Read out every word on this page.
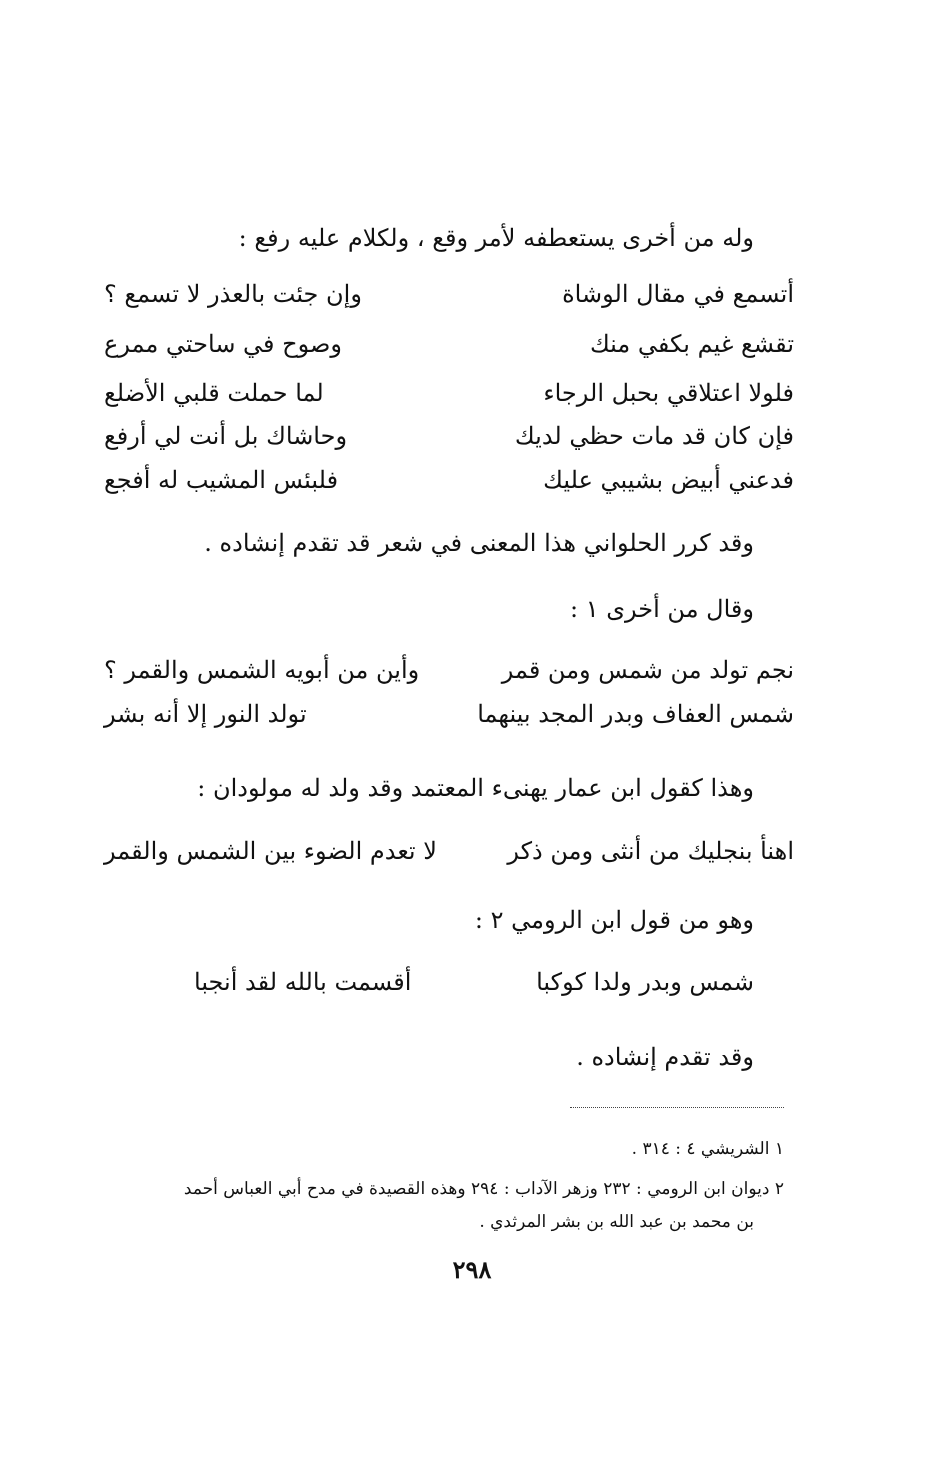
وله من أخرى يستعطفه لأمر وقع ، ولكلام عليه رفع :
أتسمع في مقال الوشاة
وإن جئت بالعذر لا تسمع ؟
تقشع غيم بكفي منك
وصوح في ساحتي ممرع
فلولا اعتلاقي بحبل الرجاء
لما حملت قلبي الأضلع
فإن كان قد مات حظي لديك
وحاشاك بل أنت لي أرفع
فدعني أبيض بشيبي عليك
فلبئس المشيب له أفجع
وقد كرر الحلواني هذا المعنى في شعر قد تقدم إنشاده .
وقال من أخرى ١ :
نجم تولد من شمس ومن قمر
وأين من أبويه الشمس والقمر ؟
شمس العفاف وبدر المجد بينهما
تولد النور إلا أنه بشر
وهذا كقول ابن عمار يهنىء المعتمد وقد ولد له مولودان :
اهنأ بنجليك من أنثى ومن ذكر
لا تعدم الضوء بين الشمس والقمر
وهو من قول ابن الرومي ٢ :
شمس وبدر ولدا كوكبا
أقسمت بالله لقد أنجبا
وقد تقدم إنشاده .
١ الشريشي ٤ : ٣١٤ .
٢ ديوان ابن الرومي : ٢٣٢ وزهر الآداب : ٢٩٤ وهذه القصيدة في مدح أبي العباس أحمد
بن محمد بن عبد الله بن بشر المرثدي .
٢٩٨
